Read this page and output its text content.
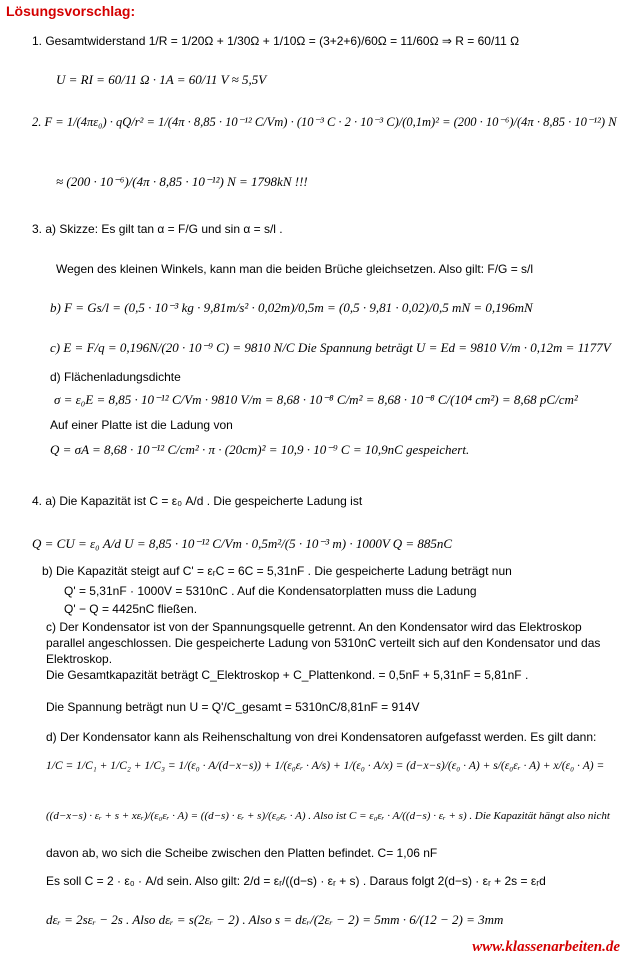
Lösungsvorschlag:
1. Gesamtwiderstand 1/R = 1/20Ω + 1/30Ω + 1/10Ω = (3+2+6)/60Ω = 11/60Ω ⇒ R = 60/11 Ω
U = RI = 60/11 Ω · 1A = 60/11 V ≈ 5,5V
2. F = 1/(4πε₀) · qQ/r² = 1/(4π · 8,85 · 10⁻¹² C/Vm) · (10⁻³ C · 2 · 10⁻³ C)/(0,1m)² = (200 · 10⁻⁶)/(4π · 8,85 · 10⁻¹²) N
≈ (200 · 10⁻⁶)/(4π · 8,85 · 10⁻¹²) N = 1798kN !!!
3. a) Skizze: Es gilt tan α = F/G und sin α = s/l .
Wegen des kleinen Winkels, kann man die beiden Brüche gleichsetzen. Also gilt: F/G = s/l
b) F = Gs/l = (0,5 · 10⁻³ kg · 9,81m/s² · 0,02m)/0,5m = (0,5 · 9,81 · 0,02)/0,5 mN = 0,196mN
c) E = F/q = 0,196N/(20 · 10⁻⁹ C) = 9810 N/C Die Spannung beträgt U = Ed = 9810 V/m · 0,12m = 1177V
d) Flächenladungsdichte
σ = ε₀E = 8,85 · 10⁻¹² C/Vm · 9810 V/m = 8,68 · 10⁻⁸ C/m² = 8,68 · 10⁻⁸ C/(10⁴ cm²) = 8,68 pC/cm²
Auf einer Platte ist die Ladung von
Q = σA = 8,68 · 10⁻¹² C/cm² · π · (20cm)² = 10,9 · 10⁻⁹ C = 10,9nC gespeichert.
4. a) Die Kapazität ist C = ε₀ A/d . Die gespeicherte Ladung ist
Q = CU = ε₀ A/d U = 8,85 · 10⁻¹² C/Vm · 0,5m²/(5 · 10⁻³ m) · 1000V Q = 885nC
b) Die Kapazität steigt auf C' = εᵣC = 6C = 5,31nF . Die gespeicherte Ladung beträgt nun
Q' = 5,31nF · 1000V = 5310nC . Auf die Kondensatorplatten muss die Ladung
Q' − Q = 4425nC fließen.
c) Der Kondensator ist von der Spannungsquelle getrennt. An den Kondensator wird das Elektroskop
parallel angeschlossen. Die gespeicherte Ladung von 5310nC verteilt sich auf den Kondensator und das
Elektroskop.
Die Gesamtkapazität beträgt C_Elektroskop + C_Plattenkond. = 0,5nF + 5,31nF = 5,81nF .
Die Spannung beträgt nun U = Q'/C_gesamt = 5310nC/8,81nF = 914V
d) Der Kondensator kann als Reihenschaltung von drei Kondensatoren aufgefasst werden. Es gilt dann:
1/C = 1/C₁ + 1/C₂ + 1/C₃ = 1/(ε₀ · A/(d−x−s)) + 1/(ε₀εᵣ · A/s) + 1/(ε₀ · A/x) = (d−x−s)/(ε₀ · A) + s/(ε₀εᵣ · A) + x/(ε₀ · A) =
((d−x−s) · εᵣ + s + xεᵣ)/(ε₀εᵣ · A) = ((d−s) · εᵣ + s)/(ε₀εᵣ · A) . Also ist C = ε₀εᵣ · A/((d−s) · εᵣ + s) . Die Kapazität hängt also nicht
davon ab, wo sich die Scheibe zwischen den Platten befindet. C= 1,06 nF
Es soll C = 2 · ε₀ · A/d sein. Also gilt: 2/d = εᵣ/((d−s) · εᵣ + s) . Daraus folgt 2(d−s) · εᵣ + 2s = εᵣd
dεᵣ = 2sεᵣ − 2s . Also dεᵣ = s(2εᵣ − 2) . Also s = dεᵣ/(2εᵣ − 2) = 5mm · 6/(12 − 2) = 3mm
www.klassenarbeiten.de
